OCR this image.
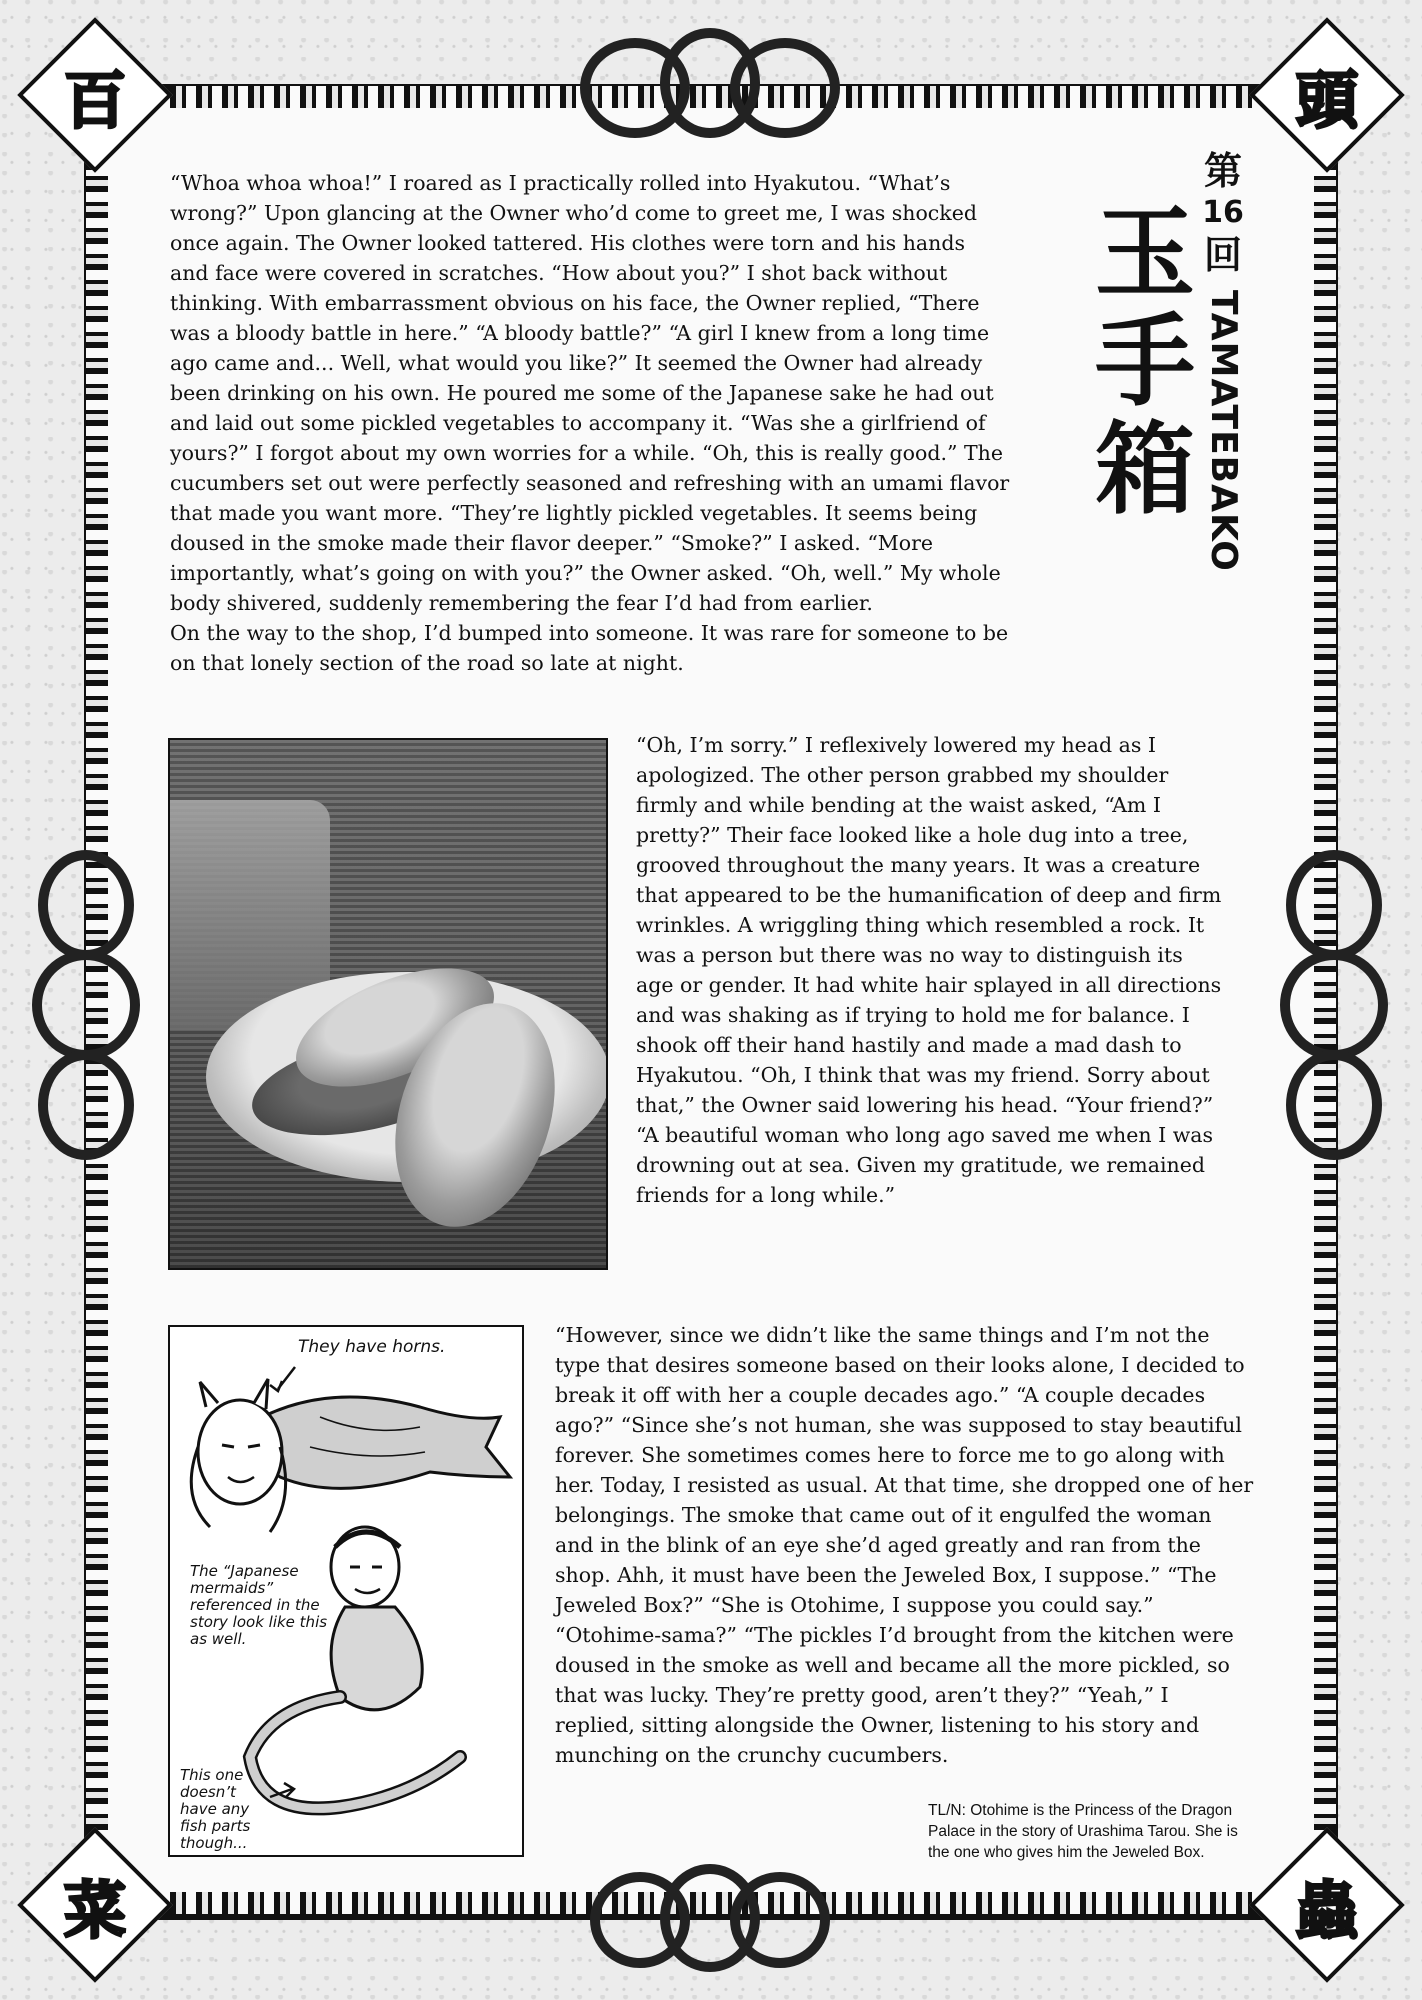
百	頭
菜	蟲
玉
手
箱
第
16
回
TAMATEBAKO

“Whoa whoa whoa!” I roared as I practically rolled into Hyakutou. “What’s wrong?” Upon glancing at the Owner who’d come to greet me, I was shocked once again. The Owner looked tattered. His clothes were torn and his hands and face were covered in scratches. “How about you?” I shot back without thinking. With embarrassment obvious on his face, the Owner replied, “There was a bloody battle in here.” “A bloody battle?” “A girl I knew from a long time ago came and... Well, what would you like?” It seemed the Owner had already been drinking on his own. He poured me some of the Japanese sake he had out and laid out some pickled vegetables to accompany it. “Was she a girlfriend of yours?” I forgot about my own worries for a while. “Oh, this is really good.” The cucumbers set out were perfectly seasoned and refreshing with an umami flavor that made you want more. “They’re lightly pickled vegetables. It seems being doused in the smoke made their flavor deeper.” “Smoke?” I asked. “More importantly, what’s going on with you?” the Owner asked. “Oh, well.” My whole body shivered, suddenly remembering the fear I’d had from earlier.

On the way to the shop, I’d bumped into someone. It was rare for someone to be on that lonely section of the road so late at night.

“Oh, I’m sorry.” I reflexively lowered my head as I apologized. The other person grabbed my shoulder firmly and while bending at the waist asked, “Am I pretty?” Their face looked like a hole dug into a tree, grooved throughout the many years. It was a creature that appeared to be the humanification of deep and firm wrinkles. A wriggling thing which resembled a rock. It was a person but there was no way to distinguish its age or gender. It had white hair splayed in all directions and was shaking as if trying to hold me for balance. I shook off their hand hastily and made a mad dash to Hyakutou. “Oh, I think that was my friend. Sorry about that,” the Owner said lowering his head. “Your friend?” “A beautiful woman who long ago saved me when I was drowning out at sea. Given my gratitude, we remained friends for a long while.”

They have horns.
The “Japanese mermaids” referenced in the story look like this as well.
This one doesn’t have any fish parts though...

“However, since we didn’t like the same things and I’m not the type that desires someone based on their looks alone, I decided to break it off with her a couple decades ago.” “A couple decades ago?” “Since she’s not human, she was supposed to stay beautiful forever. She sometimes comes here to force me to go along with her. Today, I resisted as usual. At that time, she dropped one of her belongings. The smoke that came out of it engulfed the woman and in the blink of an eye she’d aged greatly and ran from the shop. Ahh, it must have been the Jeweled Box, I suppose.” “The Jeweled Box?” “She is Otohime, I suppose you could say.” “Otohime-sama?” “The pickles I’d brought from the kitchen were doused in the smoke as well and became all the more pickled, so that was lucky. They’re pretty good, aren’t they?” “Yeah,” I replied, sitting alongside the Owner, listening to his story and munching on the crunchy cucumbers.

TL/N: Otohime is the Princess of the Dragon Palace in the story of Urashima Tarou. She is the one who gives him the Jeweled Box.
